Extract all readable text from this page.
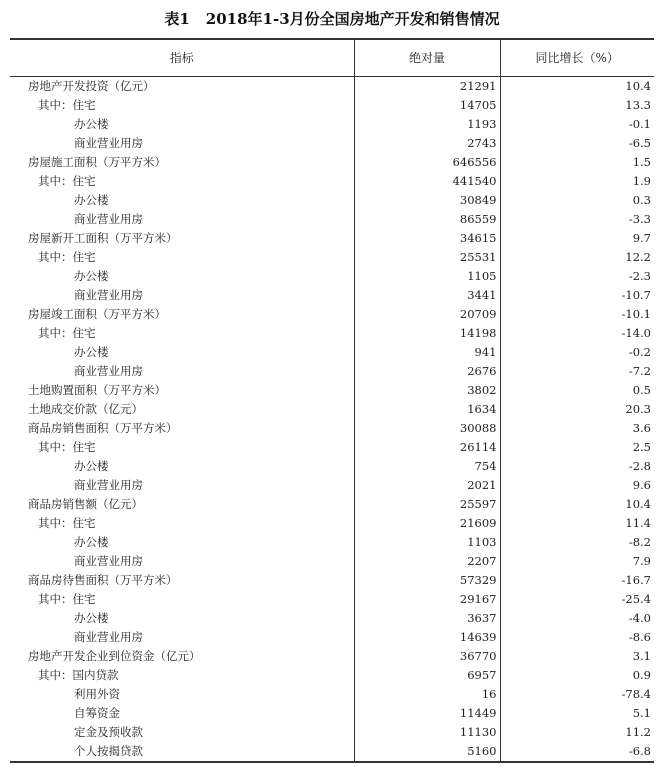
表1 2018年1-3月份全国房地产开发和销售情况
指标	绝对量	同比增长（%）
房地产开发投资（亿元）	21291	10.4
其中：住宅	14705	13.3
办公楼	1193	-0.1
商业营业用房	2743	-6.5
房屋施工面积（万平方米）	646556	1.5
其中：住宅	441540	1.9
办公楼	30849	0.3
商业营业用房	86559	-3.3
房屋新开工面积（万平方米）	34615	9.7
其中：住宅	25531	12.2
办公楼	1105	-2.3
商业营业用房	3441	-10.7
房屋竣工面积（万平方米）	20709	-10.1
其中：住宅	14198	-14.0
办公楼	941	-0.2
商业营业用房	2676	-7.2
土地购置面积（万平方米）	3802	0.5
土地成交价款（亿元）	1634	20.3
商品房销售面积（万平方米）	30088	3.6
其中：住宅	26114	2.5
办公楼	754	-2.8
商业营业用房	2021	9.6
商品房销售额（亿元）	25597	10.4
其中：住宅	21609	11.4
办公楼	1103	-8.2
商业营业用房	2207	7.9
商品房待售面积（万平方米）	57329	-16.7
其中：住宅	29167	-25.4
办公楼	3637	-4.0
商业营业用房	14639	-8.6
房地产开发企业到位资金（亿元）	36770	3.1
其中：国内贷款	6957	0.9
利用外资	16	-78.4
自筹资金	11449	5.1
定金及预收款	11130	11.2
个人按揭贷款	5160	-6.8
